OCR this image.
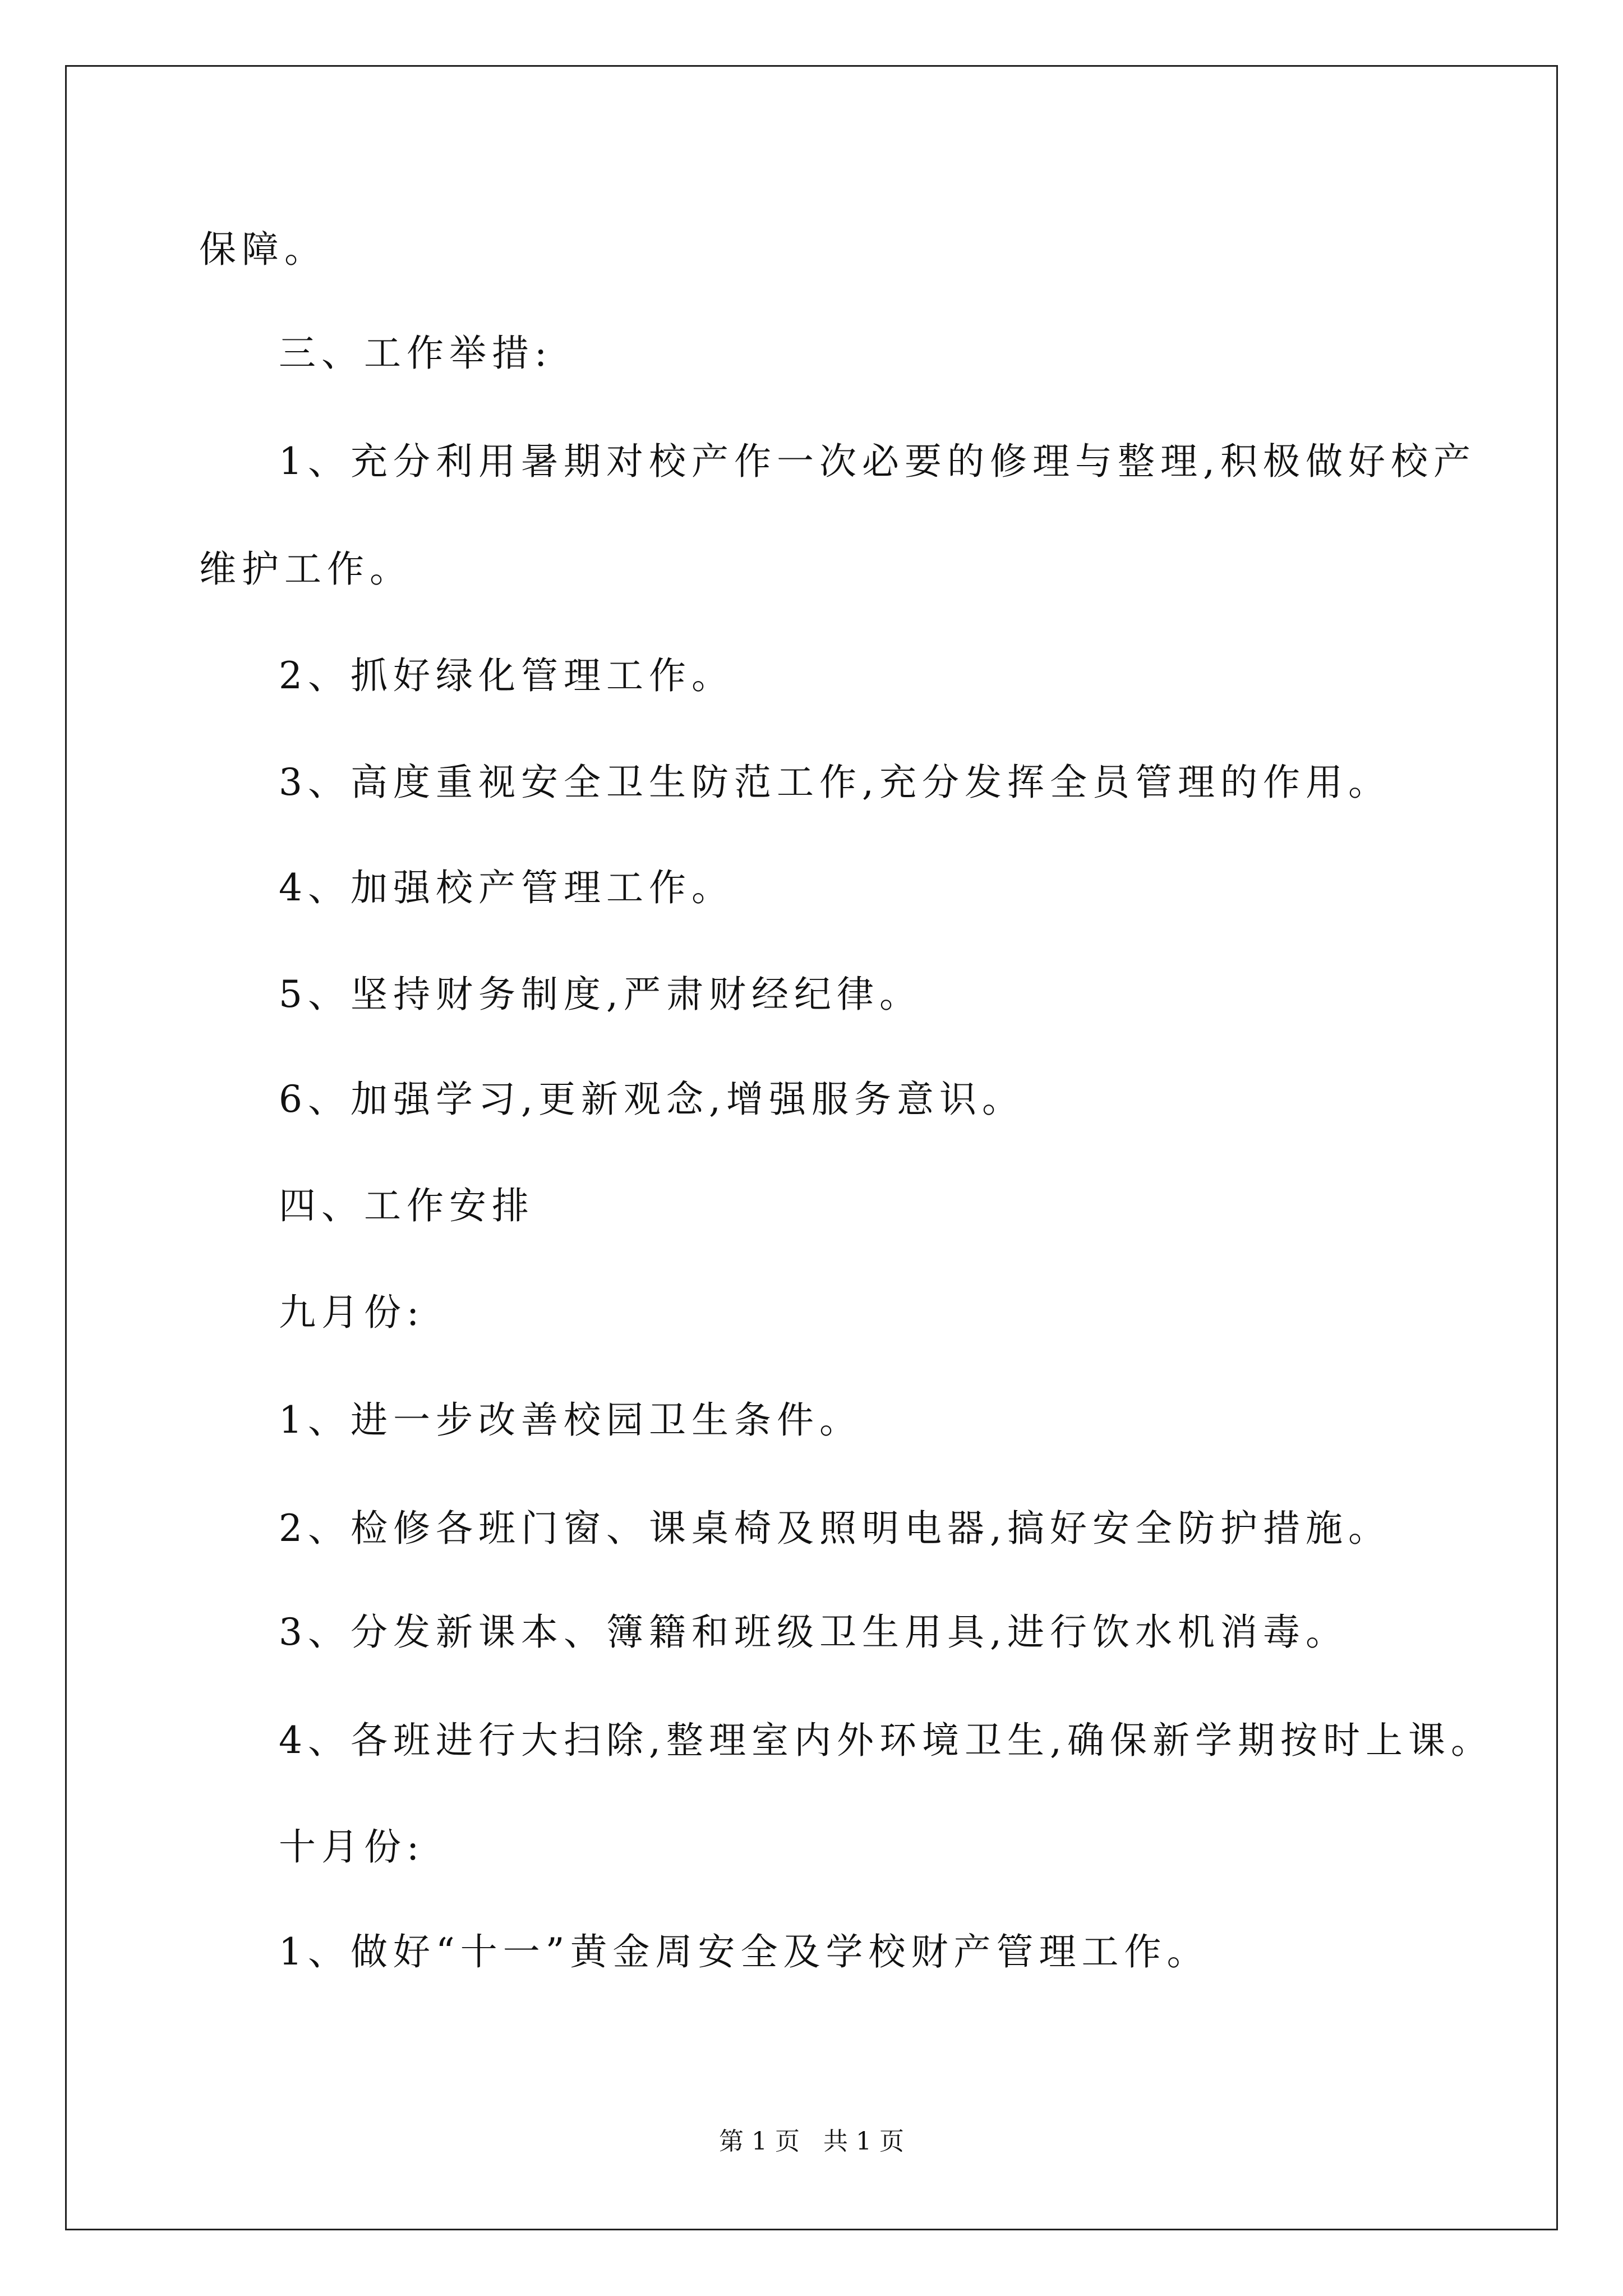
保障。
三、工作举措:
1、充分利用暑期对校产作一次必要的修理与整理,积极做好校产
维护工作。
2、抓好绿化管理工作。
3、高度重视安全卫生防范工作,充分发挥全员管理的作用。
4、加强校产管理工作。
5、坚持财务制度,严肃财经纪律。
6、加强学习,更新观念,增强服务意识。
四、工作安排
九月份:
1、进一步改善校园卫生条件。
2、检修各班门窗、课桌椅及照明电器,搞好安全防护措施。
3、分发新课本、簿籍和班级卫生用具,进行饮水机消毒。
4、各班进行大扫除,整理室内外环境卫生,确保新学期按时上课。
十月份:
1、做好“十一”黄金周安全及学校财产管理工作。
第 1 页   共 1 页
